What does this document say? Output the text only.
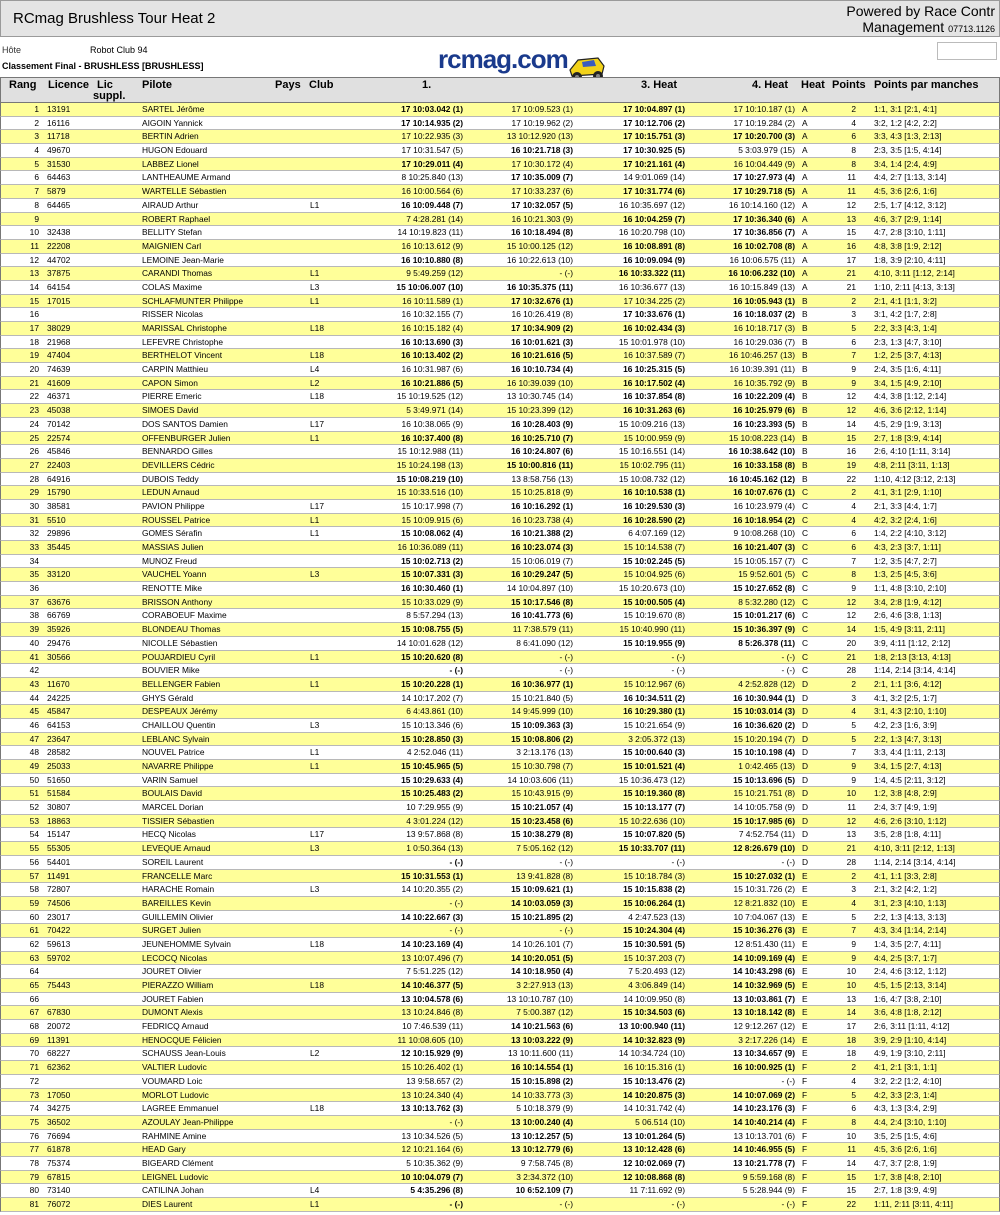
RCmag Brushless Tour Heat 2	Powered by Race Contr
Management 07713.1126
Hôte	Robot Club 94
Classement Final - BRUSHLESS [BRUSHLESS]	rcmag.com
Rang Licence Lic
suppl.
Pilote	Pays Club	1.	3. Heat	4. Heat Heat Points Points par manches
1 13191	SARTEL Jérôme	17 10:03.042 (1)	17 10:09.523 (1)	17 10:04.897 (1)	17 10:10.187 (1) A	2 1:1, 3:1 [2:1, 4:1]
2 16116	AIGOIN Yannick	17 10:14.935 (2)	17 10:19.962 (2)	17 10:12.706 (2)	17 10:19.284 (2) A	4 3:2, 1:2 [4:2, 2:2]
3 11718	BERTIN Adrien	17 10:22.935 (3)	13 10:12.920 (13)	17 10:15.751 (3)	17 10:20.700 (3) A	6 3:3, 4:3 [1:3, 2:13]
4 49670	HUGON Edouard	17 10:31.547 (5)	16 10:21.718 (3)	17 10:30.925 (5)	5 3:03.979 (15) A	8 2:3, 3:5 [1:5, 4:14]
5 31530	LABBEZ Lionel	17 10:29.011 (4)	17 10:30.172 (4)	17 10:21.161 (4)	16 10:04.449 (9) A	8 3:4, 1:4 [2:4, 4:9]
6 64463	LANTHEAUME Armand	8 10:25.840 (13)	17 10:35.009 (7)	14 9:01.069 (14)	17 10:27.973 (4) A	11 4:4, 2:7 [1:13, 3:14]
7 5879	WARTELLE Sébastien	16 10:00.564 (6)	17 10:33.237 (6)	17 10:31.774 (6)	17 10:29.718 (5) A	11 4:5, 3:6 [2:6, 1:6]
8 64465	AIRAUD Arthur	L1	16 10:09.448 (7)	17 10:32.057 (5)	16 10:35.697 (12)	16 10:14.160 (12) A	12 2:5, 1:7 [4:12, 3:12]
9	ROBERT Raphael	7 4:28.281 (14)	16 10:21.303 (9)	16 10:04.259 (7)	17 10:36.340 (6) A	13 4:6, 3:7 [2:9, 1:14]
10 32438	BELLITY Stefan	14 10:19.823 (11)	16 10:18.494 (8)	16 10:20.798 (10)	17 10:36.856 (7) A	15 4:7, 2:8 [3:10, 1:11]
11 22208	MAIGNIEN Carl	16 10:13.612 (9)	15 10:00.125 (12)	16 10:08.891 (8)	16 10:02.708 (8) A	16 4:8, 3:8 [1:9, 2:12]
12 44702	LEMOINE Jean-Marie	16 10:10.880 (8)	16 10:22.613 (10)	16 10:09.094 (9)	16 10:06.575 (11) A	17 1:8, 3:9 [2:10, 4:11]
13 37875	CARANDI Thomas	L1	9 5:49.259 (12)	- (-)	16 10:33.322 (11)	16 10:06.232 (10) A	21 4:10, 3:11 [1:12, 2:14]
14 64154	COLAS Maxime	L3	15 10:06.007 (10)	16 10:35.375 (11)	16 10:36.677 (13)	16 10:15.849 (13) A	21 1:10, 2:11 [4:13, 3:13]
15 17015	SCHLAFMUNTER Philippe	L1	16 10:11.589 (1)	17 10:32.676 (1)	17 10:34.225 (2)	16 10:05.943 (1) B	2 2:1, 4:1 [1:1, 3:2]
16	RISSER Nicolas	16 10:32.155 (7)	16 10:26.419 (8)	17 10:33.676 (1)	16 10:18.037 (2) B	3 3:1, 4:2 [1:7, 2:8]
17 38029	MARISSAL Christophe	L18	16 10:15.182 (4)	17 10:34.909 (2)	16 10:02.434 (3)	16 10:18.717 (3) B	5 2:2, 3:3 [4:3, 1:4]
18 21968	LEFEVRE Christophe	16 10:13.690 (3)	16 10:01.621 (3)	15 10:01.978 (10)	16 10:29.036 (7) B	6 2:3, 1:3 [4:7, 3:10]
19 47404	BERTHELOT Vincent	L18	16 10:13.402 (2)	16 10:21.616 (5)	16 10:37.589 (7)	16 10:46.257 (13) B	7 1:2, 2:5 [3:7, 4:13]
20 74639	CARPIN Matthieu	L4	16 10:31.987 (6)	16 10:10.734 (4)	16 10:25.315 (5)	16 10:39.391 (11) B	9 2:4, 3:5 [1:6, 4:11]
21 41609	CAPON Simon	L2	16 10:21.886 (5)	16 10:39.039 (10)	16 10:17.502 (4)	16 10:35.792 (9) B	9 3:4, 1:5 [4:9, 2:10]
22 46371	PIERRE Emeric	L18	15 10:19.525 (12)	13 10:30.745 (14)	16 10:37.854 (8)	16 10:22.209 (4) B	12 4:4, 3:8 [1:12, 2:14]
23 45038	SIMOES David	5 3:49.971 (14)	15 10:23.399 (12)	16 10:31.263 (6)	16 10:25.979 (6) B	12 4:6, 3:6 [2:12, 1:14]
24 70142	DOS SANTOS Damien	L17	16 10:38.065 (9)	16 10:28.403 (9)	15 10:09.216 (13)	16 10:23.393 (5) B	14 4:5, 2:9 [1:9, 3:13]
25 22574	OFFENBURGER Julien	L1	16 10:37.400 (8)	16 10:25.710 (7)	15 10:00.959 (9)	15 10:08.223 (14) B	15 2:7, 1:8 [3:9, 4:14]
26 45846	BENNARDO Gilles	15 10:12.988 (11)	16 10:24.807 (6)	15 10:16.551 (14)	16 10:38.642 (10) B	16 2:6, 4:10 [1:11, 3:14]
27 22403	DEVILLERS Cédric	15 10:24.198 (13)	15 10:00.816 (11)	15 10:02.795 (11)	16 10:33.158 (8) B	19 4:8, 2:11 [3:11, 1:13]
28 64916	DUBOIS Teddy	15 10:08.219 (10)	13 8:58.756 (13)	15 10:08.732 (12)	16 10:45.162 (12) B	22 1:10, 4:12 [3:12, 2:13]
29 15790	LEDUN Arnaud	15 10:33.516 (10)	15 10:25.818 (9)	16 10:10.538 (1)	16 10:07.676 (1) C	2 4:1, 3:1 [2:9, 1:10]
30 38581	PAVION Philippe	L17	15 10:17.998 (7)	16 10:16.292 (1)	16 10:29.530 (3)	16 10:23.979 (4) C	4 2:1, 3:3 [4:4, 1:7]
31 5510	ROUSSEL Patrice	L1	15 10:09.915 (6)	16 10:23.738 (4)	16 10:28.590 (2)	16 10:18.954 (2) C	4 4:2, 3:2 [2:4, 1:6]
32 29896	GOMES Sérafin	L1	15 10:08.062 (4)	16 10:21.388 (2)	6 4:07.169 (12)	9 10:08.268 (10) C	6 1:4, 2:2 [4:10, 3:12]
33 35445	MASSIAS Julien	16 10:36.089 (11)	16 10:23.074 (3)	15 10:14.538 (7)	16 10:21.407 (3) C	6 4:3, 2:3 [3:7, 1:11]
34	MUNOZ Freud	15 10:02.713 (2)	15 10:06.019 (7)	15 10:02.245 (5)	15 10:05.157 (7) C	7 1:2, 3:5 [4:7, 2:7]
35 33120	VAUCHEL Yoann	L3	15 10:07.331 (3)	16 10:29.247 (5)	15 10:04.925 (6)	15 9:52.601 (5) C	8 1:3, 2:5 [4:5, 3:6]
36	RENOTTE Mike	16 10:30.460 (1)	14 10:04.897 (10)	15 10:20.673 (10)	15 10:27.652 (8) C	9 1:1, 4:8 [3:10, 2:10]
37 63676	BRISSON Anthony	15 10:33.029 (9)	15 10:17.546 (8)	15 10:00.505 (4)	8 5:32.280 (12) C	12 3:4, 2:8 [1:9, 4:12]
38 66769	CORABOEUF Maxime	8 5:57.294 (13)	16 10:41.773 (6)	15 10:19.670 (8)	15 10:01.217 (6) C	12 2:6, 4:6 [3:8, 1:13]
39 35926	BLONDEAU Thomas	15 10:08.755 (5)	11 7:38.579 (11)	15 10:40.990 (11)	15 10:36.397 (9) C	14 1:5, 4:9 [3:11, 2:11]
40 29476	NICOLLE Sébastien	14 10:01.628 (12)	8 6:41.090 (12)	15 10:19.955 (9)	8 5:26.378 (11) C	20 3:9, 4:11 [1:12, 2:12]
41 30566	POUJARDIEU Cyril	L1	15 10:20.620 (8)	- (-)	- (-)	- (-) C	21 1:8, 2:13 [3:13, 4:13]
42	BOUVIER Mike	- (-)	- (-)	- (-)	- (-) C	28 1:14, 2:14 [3:14, 4:14]
43 11670	BELLENGER Fabien	L1	15 10:20.228 (1)	16 10:36.977 (1)	15 10:12.967 (6)	4 2:52.828 (12) D	2 2:1, 1:1 [3:6, 4:12]
44 24225	GHYS Gérald	14 10:17.202 (7)	15 10:21.840 (5)	16 10:34.511 (2)	16 10:30.944 (1) D	3 4:1, 3:2 [2:5, 1:7]
45 45847	DESPEAUX Jérémy	6 4:43.861 (10)	14 9:45.999 (10)	16 10:29.380 (1)	15 10:03.014 (3) D	4 3:1, 4:3 [2:10, 1:10]
46 64153	CHAILLOU Quentin	L3	15 10:13.346 (6)	15 10:09.363 (3)	15 10:21.654 (9)	16 10:36.620 (2) D	5 4:2, 2:3 [1:6, 3:9]
47 23647	LEBLANC Sylvain	15 10:28.850 (3)	15 10:08.806 (2)	3 2:05.372 (13)	15 10:20.194 (7) D	5 2:2, 1:3 [4:7, 3:13]
48 28582	NOUVEL Patrice	L1	4 2:52.046 (11)	3 2:13.176 (13)	15 10:00.640 (3)	15 10:10.198 (4) D	7 3:3, 4:4 [1:11, 2:13]
49 25033	NAVARRE Philippe	L1	15 10:45.965 (5)	15 10:30.798 (7)	15 10:01.521 (4)	1 0:42.465 (13) D	9 3:4, 1:5 [2:7, 4:13]
50 51650	VARIN Samuel	15 10:29.633 (4)	14 10:03.606 (11)	15 10:36.473 (12)	15 10:13.696 (5) D	9 1:4, 4:5 [2:11, 3:12]
51 51584	BOULAIS David	15 10:25.483 (2)	15 10:43.915 (9)	15 10:19.360 (8)	15 10:21.751 (8) D	10 1:2, 3:8 [4:8, 2:9]
52 30807	MARCEL Dorian	10 7:29.955 (9)	15 10:21.057 (4)	15 10:13.177 (7)	14 10:05.758 (9) D	11 2:4, 3:7 [4:9, 1:9]
53 18863	TISSIER Sébastien	4 3:01.224 (12)	15 10:23.458 (6)	15 10:22.636 (10)	15 10:17.985 (6) D	12 4:6, 2:6 [3:10, 1:12]
54 15147	HECQ Nicolas	L17	13 9:57.868 (8)	15 10:38.279 (8)	15 10:07.820 (5)	7 4:52.754 (11) D	13 3:5, 2:8 [1:8, 4:11]
55 55305	LEVEQUE Arnaud	L3	1 0:50.364 (13)	7 5:05.162 (12)	15 10:33.707 (11)	12 8:26.679 (10) D	21 4:10, 3:11 [2:12, 1:13]
56 54401	SOREIL Laurent	- (-)	- (-)	- (-)	- (-) D	28 1:14, 2:14 [3:14, 4:14]
57 11491	FRANCELLE Marc	15 10:31.553 (1)	13 9:41.828 (8)	15 10:18.784 (3)	15 10:27.032 (1) E	2 4:1, 1:1 [3:3, 2:8]
58 72807	HARACHE Romain	L3	14 10:20.355 (2)	15 10:09.621 (1)	15 10:15.838 (2)	15 10:31.726 (2) E	3 2:1, 3:2 [4:2, 1:2]
59 74506	BAREILLES Kevin	- (-)	14 10:03.059 (3)	15 10:06.264 (1)	12 8:21.832 (10) E	4 3:1, 2:3 [4:10, 1:13]
60 23017	GUILLEMIN Olivier	14 10:22.667 (3)	15 10:21.895 (2)	4 2:47.523 (13)	10 7:04.067 (13) E	5 2:2, 1:3 [4:13, 3:13]
61 70422	SURGET Julien	- (-)	- (-)	15 10:24.304 (4)	15 10:36.276 (3) E	7 4:3, 3:4 [1:14, 2:14]
62 59613	JEUNEHOMME Sylvain	L18	14 10:23.169 (4)	14 10:26.101 (7)	15 10:30.591 (5)	12 8:51.430 (11) E	9 1:4, 3:5 [2:7, 4:11]
63 59702	LECOCQ Nicolas	13 10:07.496 (7)	14 10:20.051 (5)	15 10:37.203 (7)	14 10:09.169 (4) E	9 4:4, 2:5 [3:7, 1:7]
64	JOURET Olivier	7 5:51.225 (12)	14 10:18.950 (4)	7 5:20.493 (12)	14 10:43.298 (6) E	10 2:4, 4:6 [3:12, 1:12]
65 75443	PIERAZZO William	L18	14 10:46.377 (5)	3 2:27.913 (13)	4 3:06.849 (14)	14 10:32.969 (5) E	10 4:5, 1:5 [2:13, 3:14]
66	JOURET Fabien	13 10:04.578 (6)	13 10:10.787 (10)	14 10:09.950 (8)	13 10:03.861 (7) E	13 1:6, 4:7 [3:8, 2:10]
67 67830	DUMONT Alexis	13 10:24.846 (8)	7 5:00.387 (12)	15 10:34.503 (6)	13 10:18.142 (8) E	14 3:6, 4:8 [1:8, 2:12]
68 20072	FEDRICQ Arnaud	10 7:46.539 (11)	14 10:21.563 (6)	13 10:00.940 (11)	12 9:12.267 (12) E	17 2:6, 3:11 [1:11, 4:12]
69 11391	HENOCQUE Félicien	11 10:08.605 (10)	13 10:03.222 (9)	14 10:32.823 (9)	3 2:17.226 (14) E	18 3:9, 2:9 [1:10, 4:14]
70 68227	SCHAUSS Jean-Louis	L2	12 10:15.929 (9)	13 10:11.600 (11)	14 10:34.724 (10)	13 10:34.657 (9) E	18 4:9, 1:9 [3:10, 2:11]
71 62362	VALTIER Ludovic	15 10:26.402 (1)	16 10:14.554 (1)	16 10:15.316 (1)	16 10:00.925 (1) F	2 4:1, 2:1 [3:1, 1:1]
72	VOUMARD Loic	13 9:58.657 (2)	15 10:15.898 (2)	15 10:13.476 (2)	- (-) F	4 3:2, 2:2 [1:2, 4:10]
73 17050	MORLOT Ludovic	13 10:24.340 (4)	14 10:33.773 (3)	14 10:20.875 (3)	14 10:07.069 (2) F	5 4:2, 3:3 [2:3, 1:4]
74 34275	LAGREE Emmanuel	L18	13 10:13.762 (3)	5 10:18.379 (9)	14 10:31.742 (4)	14 10:23.176 (3) F	6 4:3, 1:3 [3:4, 2:9]
75 36502	AZOULAY Jean-Philippe	- (-)	13 10:00.240 (4)	5 06.514 (10)	14 10:40.214 (4) F	8 4:4, 2:4 [3:10, 1:10]
76 76694	RAHMINE Amine	13 10:34.526 (5)	13 10:12.257 (5)	13 10:01.264 (5)	13 10:13.701 (6) F	10 3:5, 2:5 [1:5, 4:6]
77 61878	HEAD Gary	12 10:21.164 (6)	13 10:12.779 (6)	13 10:12.428 (6)	14 10:46.955 (5) F	11 4:5, 3:6 [2:6, 1:6]
78 75374	BIGEARD Clément	5 10:35.362 (9)	9 7:58.745 (8)	12 10:02.069 (7)	13 10:21.778 (7) F	14 4:7, 3:7 [2:8, 1:9]
79 67815	LEIGNEL Ludovic	10 10:04.079 (7)	3 2:34.372 (10)	12 10:08.868 (8)	9 5:59.168 (8) F	15 1:7, 3:8 [4:8, 2:10]
80 73140	CATILINA Johan	L4	5 4:35.296 (8)	10 6:52.109 (7)	11 7:11.692 (9)	5 5:28.944 (9) F	15 2:7, 1:8 [3:9, 4:9]
81 76072	DIES Laurent	L1	- (-)	- (-)	- (-)	- (-) F	22 1:11, 2:11 [3:11, 4:11]
